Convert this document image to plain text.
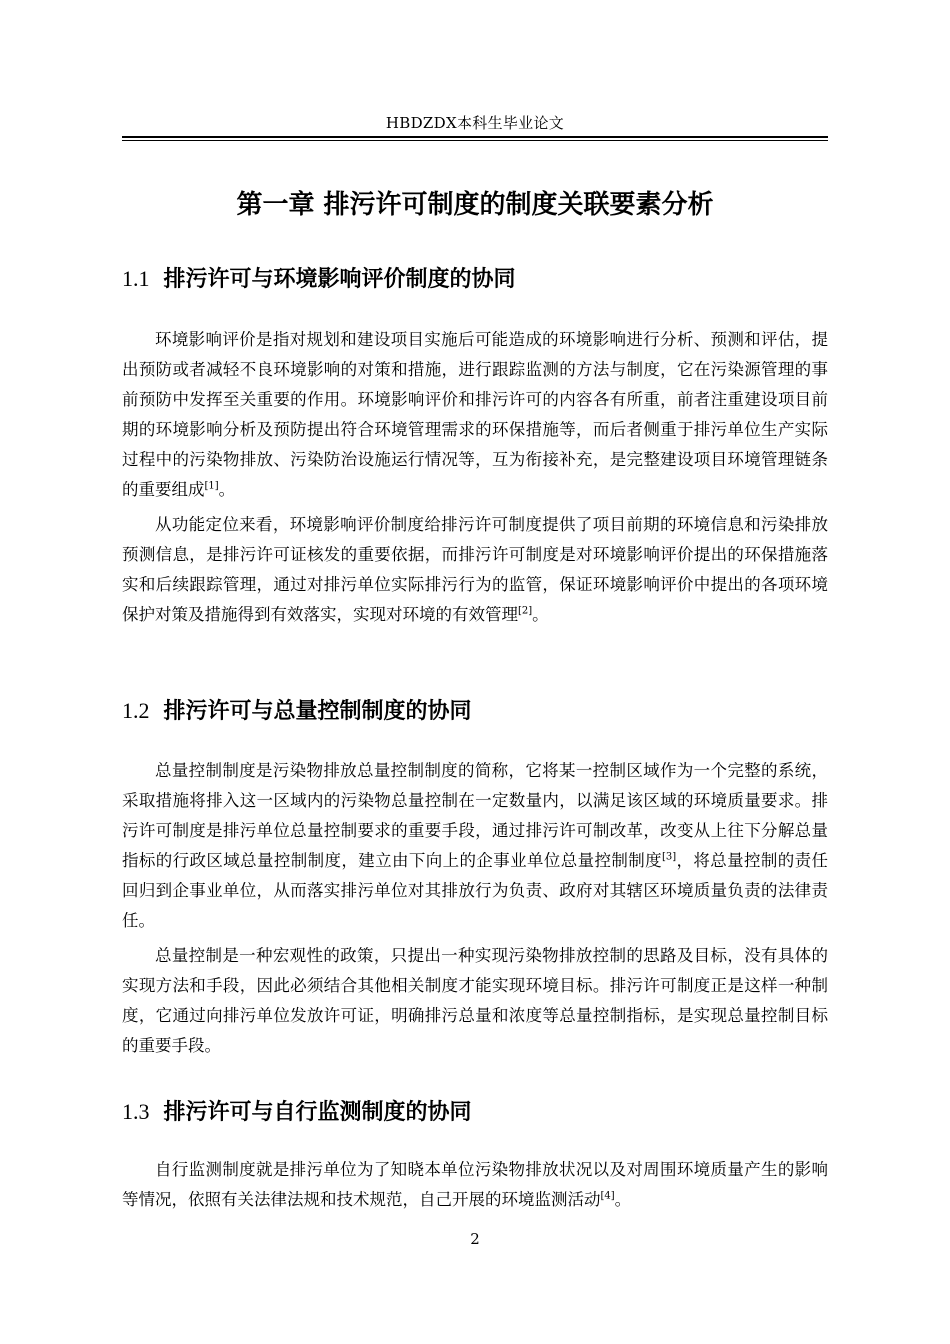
HBDZDX本科生毕业论文
第一章 排污许可制度的制度关联要素分析
1.1 排污许可与环境影响评价制度的协同

环境影响评价是指对规划和建设项目实施后可能造成的环境影响进行分析、预测和评估，提出预防或者减轻不良环境影响的对策和措施，进行跟踪监测的方法与制度，它在污染源管理的事前预防中发挥至关重要的作用。环境影响评价和排污许可的内容各有所重，前者注重建设项目前期的环境影响分析及预防提出符合环境管理需求的环保措施等，而后者侧重于排污单位生产实际过程中的污染物排放、污染防治设施运行情况等，互为衔接补充，是完整建设项目环境管理链条的重要组成[1]。

从功能定位来看，环境影响评价制度给排污许可制度提供了项目前期的环境信息和污染排放预测信息，是排污许可证核发的重要依据，而排污许可制度是对环境影响评价提出的环保措施落实和后续跟踪管理，通过对排污单位实际排污行为的监管，保证环境影响评价中提出的各项环境保护对策及措施得到有效落实，实现对环境的有效管理[2]。

1.2 排污许可与总量控制制度的协同

总量控制制度是污染物排放总量控制制度的简称，它将某一控制区域作为一个完整的系统，采取措施将排入这一区域内的污染物总量控制在一定数量内，以满足该区域的环境质量要求。排污许可制度是排污单位总量控制要求的重要手段，通过排污许可制改革，改变从上往下分解总量指标的行政区域总量控制制度，建立由下向上的企事业单位总量控制制度[3]，将总量控制的责任回归到企事业单位，从而落实排污单位对其排放行为负责、政府对其辖区环境质量负责的法律责任。

总量控制是一种宏观性的政策，只提出一种实现污染物排放控制的思路及目标，没有具体的实现方法和手段，因此必须结合其他相关制度才能实现环境目标。排污许可制度正是这样一种制度，它通过向排污单位发放许可证，明确排污总量和浓度等总量控制指标，是实现总量控制目标的重要手段。

1.3 排污许可与自行监测制度的协同

自行监测制度就是排污单位为了知晓本单位污染物排放状况以及对周围环境质量产生的影响等情况，依照有关法律法规和技术规范，自己开展的环境监测活动[4]。

2
